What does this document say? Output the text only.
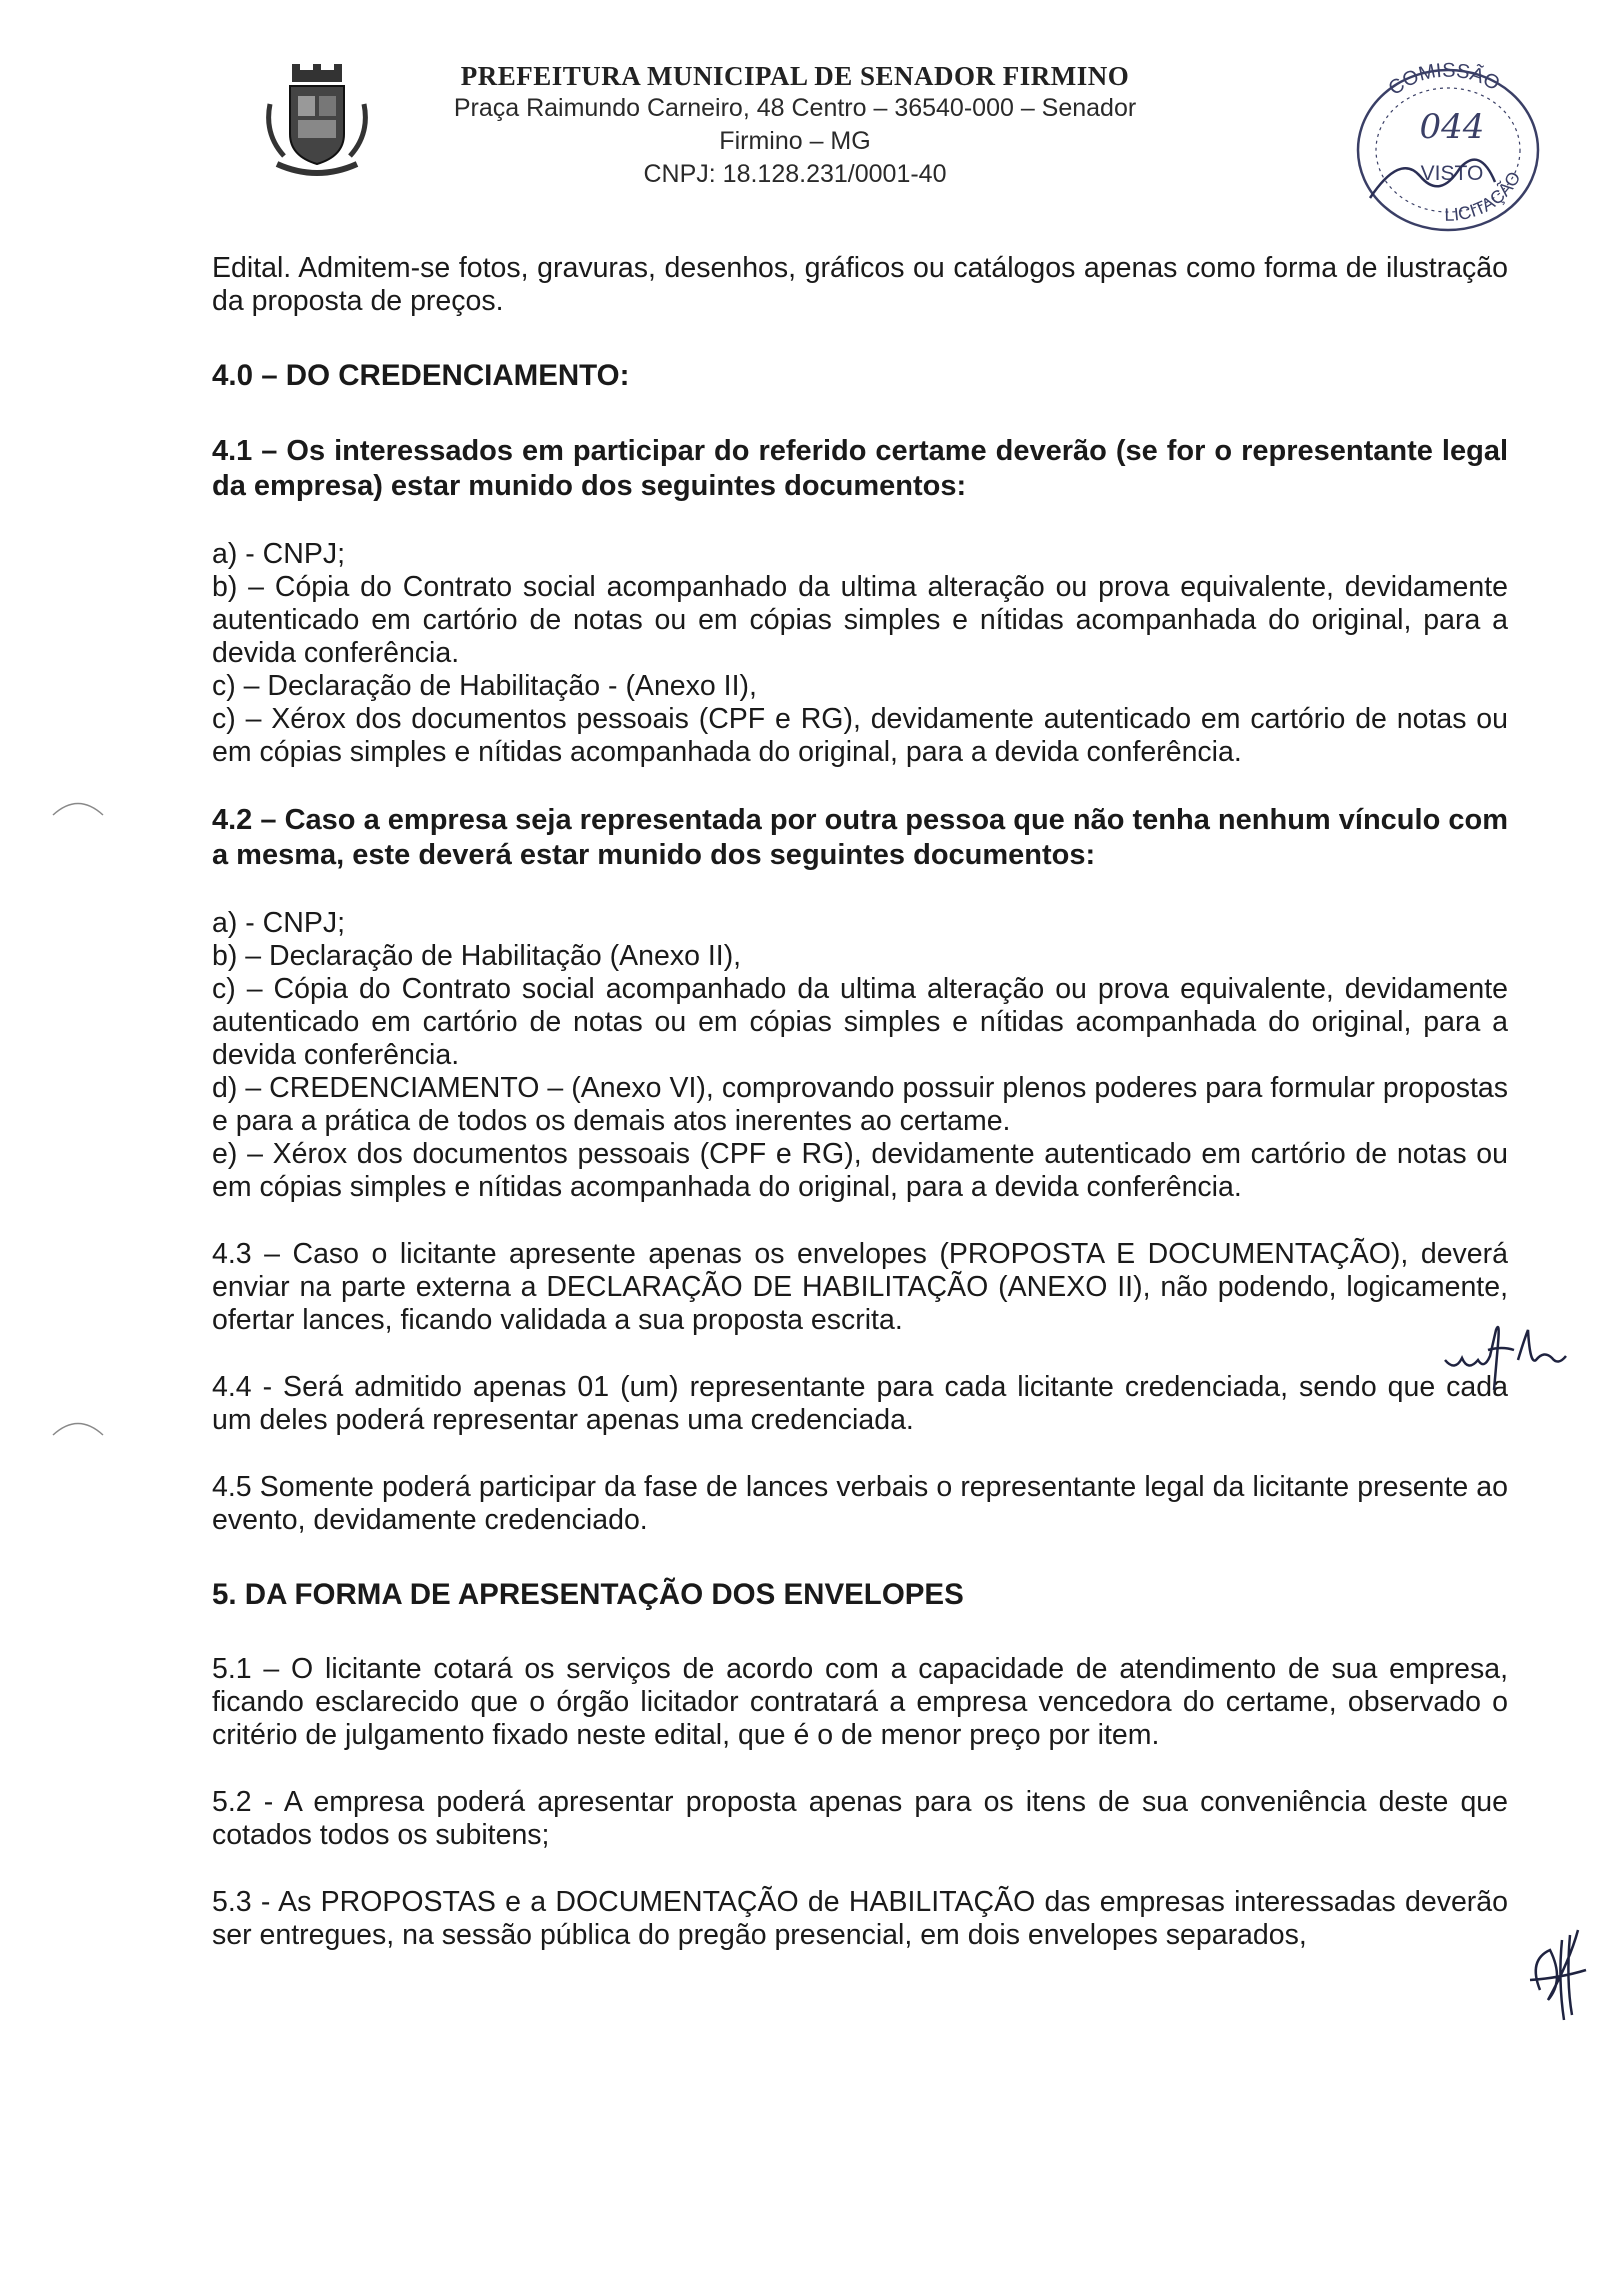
PREFEITURA MUNICIPAL DE SENADOR FIRMINO
Praça Raimundo Carneiro, 48 Centro – 36540-000 – Senador Firmino – MG
CNPJ: 18.128.231/0001-40
COMISSÃO
LICITAÇÃO
044
VISTO

Edital. Admitem-se fotos, gravuras, desenhos, gráficos ou catálogos apenas como forma de ilustração da proposta de preços.

4.0 – DO CREDENCIAMENTO:

4.1 – Os interessados em participar do referido certame deverão (se for o representante legal da empresa) estar munido dos seguintes documentos:

a) - CNPJ;

b) – Cópia do Contrato social acompanhado da ultima alteração ou prova equivalente, devidamente autenticado em cartório de notas ou em cópias simples e nítidas acompanhada do original, para a devida conferência.

c) – Declaração de Habilitação - (Anexo II),

c) – Xérox dos documentos pessoais (CPF e RG), devidamente autenticado em cartório de notas ou em cópias simples e nítidas acompanhada do original, para a devida conferência.

4.2 – Caso a empresa seja representada por outra pessoa que não tenha nenhum vínculo com a mesma, este deverá estar munido dos seguintes documentos:

a) - CNPJ;

b) – Declaração de Habilitação (Anexo II),

c) – Cópia do Contrato social acompanhado da ultima alteração ou prova equivalente, devidamente autenticado em cartório de notas ou em cópias simples e nítidas acompanhada do original, para a devida conferência.

d) – CREDENCIAMENTO – (Anexo VI), comprovando possuir plenos poderes para formular propostas e para a prática de todos os demais atos inerentes ao certame.

e) – Xérox dos documentos pessoais (CPF e RG), devidamente autenticado em cartório de notas ou em cópias simples e nítidas acompanhada do original, para a devida conferência.

4.3 – Caso o licitante apresente apenas os envelopes (PROPOSTA E DOCUMENTAÇÃO), deverá enviar na parte externa a DECLARAÇÃO DE HABILITAÇÃO (ANEXO II), não podendo, logicamente, ofertar lances, ficando validada a sua proposta escrita.

4.4 - Será admitido apenas 01 (um) representante para cada licitante credenciada, sendo que cada um deles poderá representar apenas uma credenciada.

4.5 Somente poderá participar da fase de lances verbais o representante legal da licitante presente ao evento, devidamente credenciado.

5. DA FORMA DE APRESENTAÇÃO DOS ENVELOPES

5.1 – O licitante cotará os serviços de acordo com a capacidade de atendimento de sua empresa, ficando esclarecido que o órgão licitador contratará a empresa vencedora do certame, observado o critério de julgamento fixado neste edital, que é o de menor preço por item.

5.2 - A empresa poderá apresentar proposta apenas para os itens de sua conveniência deste que cotados todos os subitens;

5.3 - As PROPOSTAS e a DOCUMENTAÇÃO de HABILITAÇÃO das empresas interessadas deverão ser entregues, na sessão pública do pregão presencial, em dois envelopes separados,
